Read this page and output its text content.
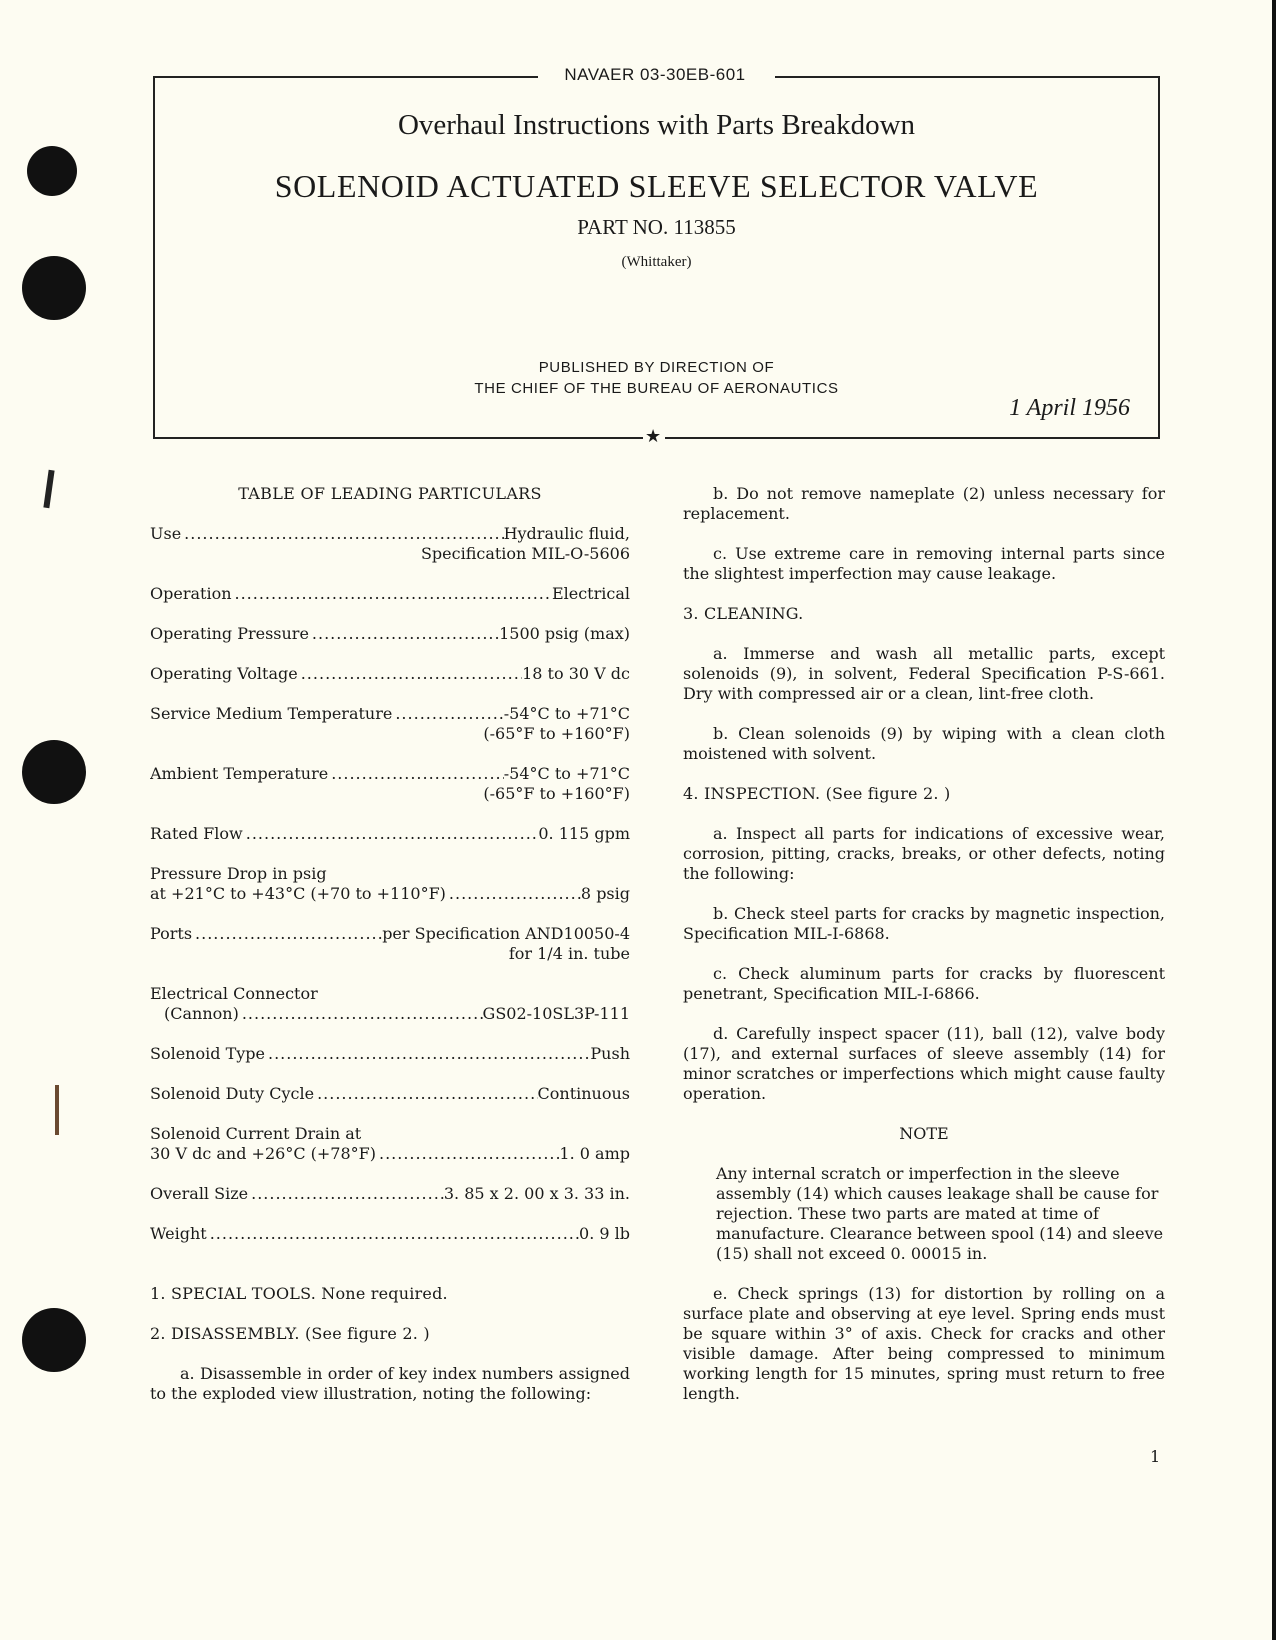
NAVAER 03-30EB-601
Overhaul Instructions with Parts Breakdown
SOLENOID ACTUATED SLEEVE SELECTOR VALVE
PART NO. 113855
(Whittaker)
PUBLISHED BY DIRECTION OF
THE CHIEF OF THE BUREAU OF AERONAUTICS
1 April 1956
★
TABLE OF LEADING PARTICULARS
Use .....	Hydraulic fluid,
Specification MIL-O-5606
Operation .....	Electrical
Operating Pressure .....	1500 psig (max)
Operating Voltage .....	18 to 30 V dc
Service Medium Temperature .....	-54°C to +71°C
(-65°F to +160°F)
Ambient Temperature .....	-54°C to +71°C
(-65°F to +160°F)
Rated Flow .....	0. 115 gpm
Pressure Drop in psig
at +21°C to +43°C (+70 to +110°F) .....	8 psig
Ports .....	per Specification AND10050-4
for 1/4 in. tube
Electrical Connector
(Cannon) .....	GS02-10SL3P-111
Solenoid Type .....	Push
Solenoid Duty Cycle .....	Continuous
Solenoid Current Drain at
30 V dc and +26°C (+78°F) .....	1. 0 amp
Overall Size .....	3. 85 x 2. 00 x 3. 33 in.
Weight .....	0. 9 lb
1. SPECIAL TOOLS. None required.
2. DISASSEMBLY. (See figure 2. )
a. Disassemble in order of key index numbers assigned to the exploded view illustration, noting the following:
b. Do not remove nameplate (2) unless necessary for replacement.
c. Use extreme care in removing internal parts since the slightest imperfection may cause leakage.
3. CLEANING.
a. Immerse and wash all metallic parts, except solenoids (9), in solvent, Federal Specification P-S-661. Dry with compressed air or a clean, lint-free cloth.
b. Clean solenoids (9) by wiping with a clean cloth moistened with solvent.
4. INSPECTION. (See figure 2. )
a. Inspect all parts for indications of excessive wear, corrosion, pitting, cracks, breaks, or other defects, noting the following:
b. Check steel parts for cracks by magnetic inspection, Specification MIL-I-6868.
c. Check aluminum parts for cracks by fluorescent penetrant, Specification MIL-I-6866.
d. Carefully inspect spacer (11), ball (12), valve body (17), and external surfaces of sleeve assembly (14) for minor scratches or imperfections which might cause faulty operation.
NOTE
Any internal scratch or imperfection in the sleeve assembly (14) which causes leakage shall be cause for rejection. These two parts are mated at time of manufacture. Clearance between spool (14) and sleeve (15) shall not exceed 0. 00015 in.
e. Check springs (13) for distortion by rolling on a surface plate and observing at eye level. Spring ends must be square within 3° of axis. Check for cracks and other visible damage. After being compressed to minimum working length for 15 minutes, spring must return to free length.
1
